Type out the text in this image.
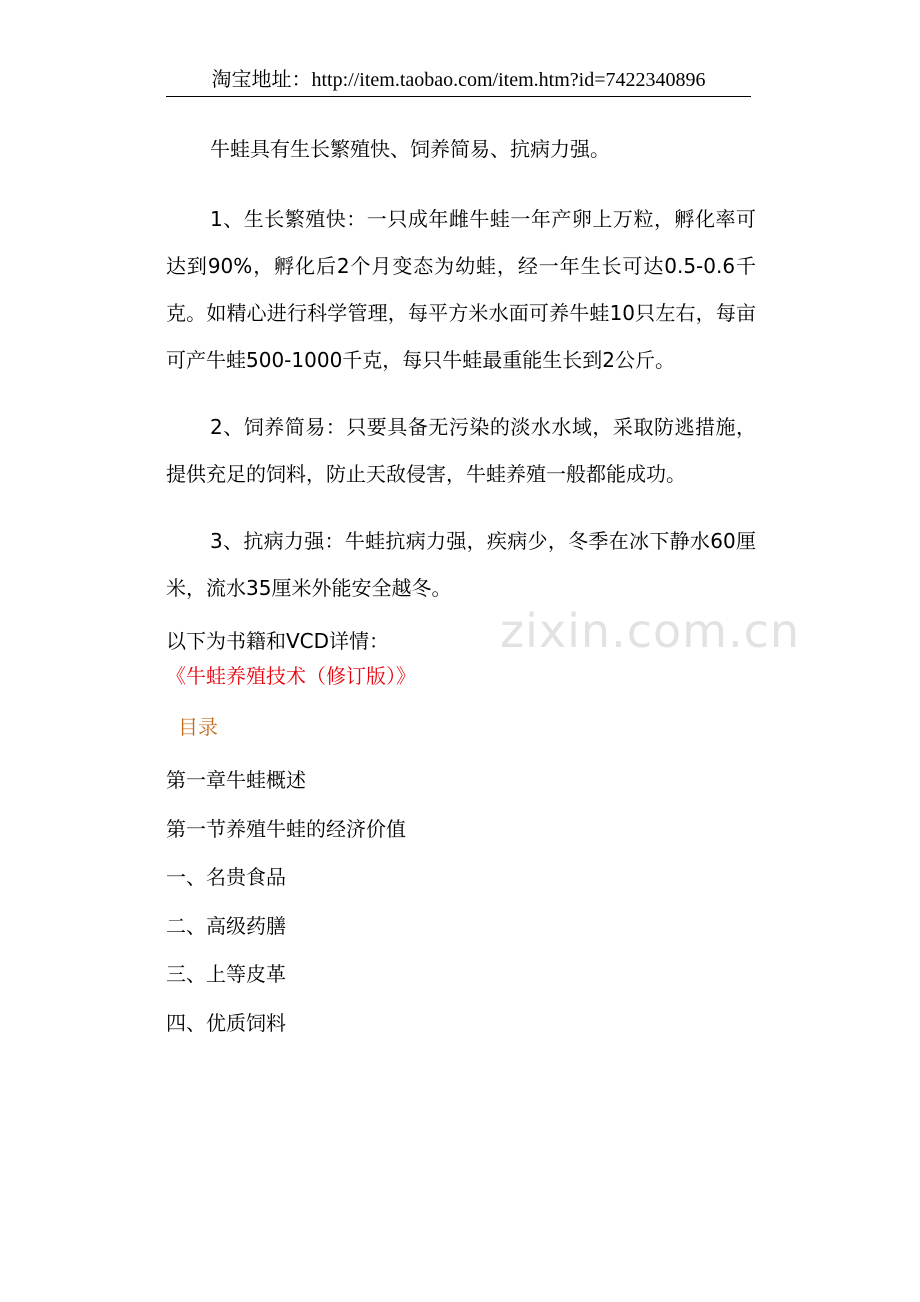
淘宝地址：http://item.taobao.com/item.htm?id=7422340896
zixin.com.cn

牛蛙具有生长繁殖快、饲养简易、抗病力强。

1、生长繁殖快：一只成年雌牛蛙一年产卵上万粒，孵化率可达到90%，孵化后2个月变态为幼蛙，经一年生长可达0.5-0.6千克。如精心进行科学管理，每平方米水面可养牛蛙10只左右，每亩可产牛蛙500-1000千克，每只牛蛙最重能生长到2公斤。

2、饲养简易：只要具备无污染的淡水水域，采取防逃措施，提供充足的饲料，防止天敌侵害，牛蛙养殖一般都能成功。

3、抗病力强：牛蛙抗病力强，疾病少，冬季在冰下静水60厘米，流水35厘米外能安全越冬。

以下为书籍和VCD详情：

《牛蛙养殖技术（修订版）》

目录

第一章牛蛙概述

第一节养殖牛蛙的经济价值

一、名贵食品

二、高级药膳

三、上等皮革

四、优质饲料
